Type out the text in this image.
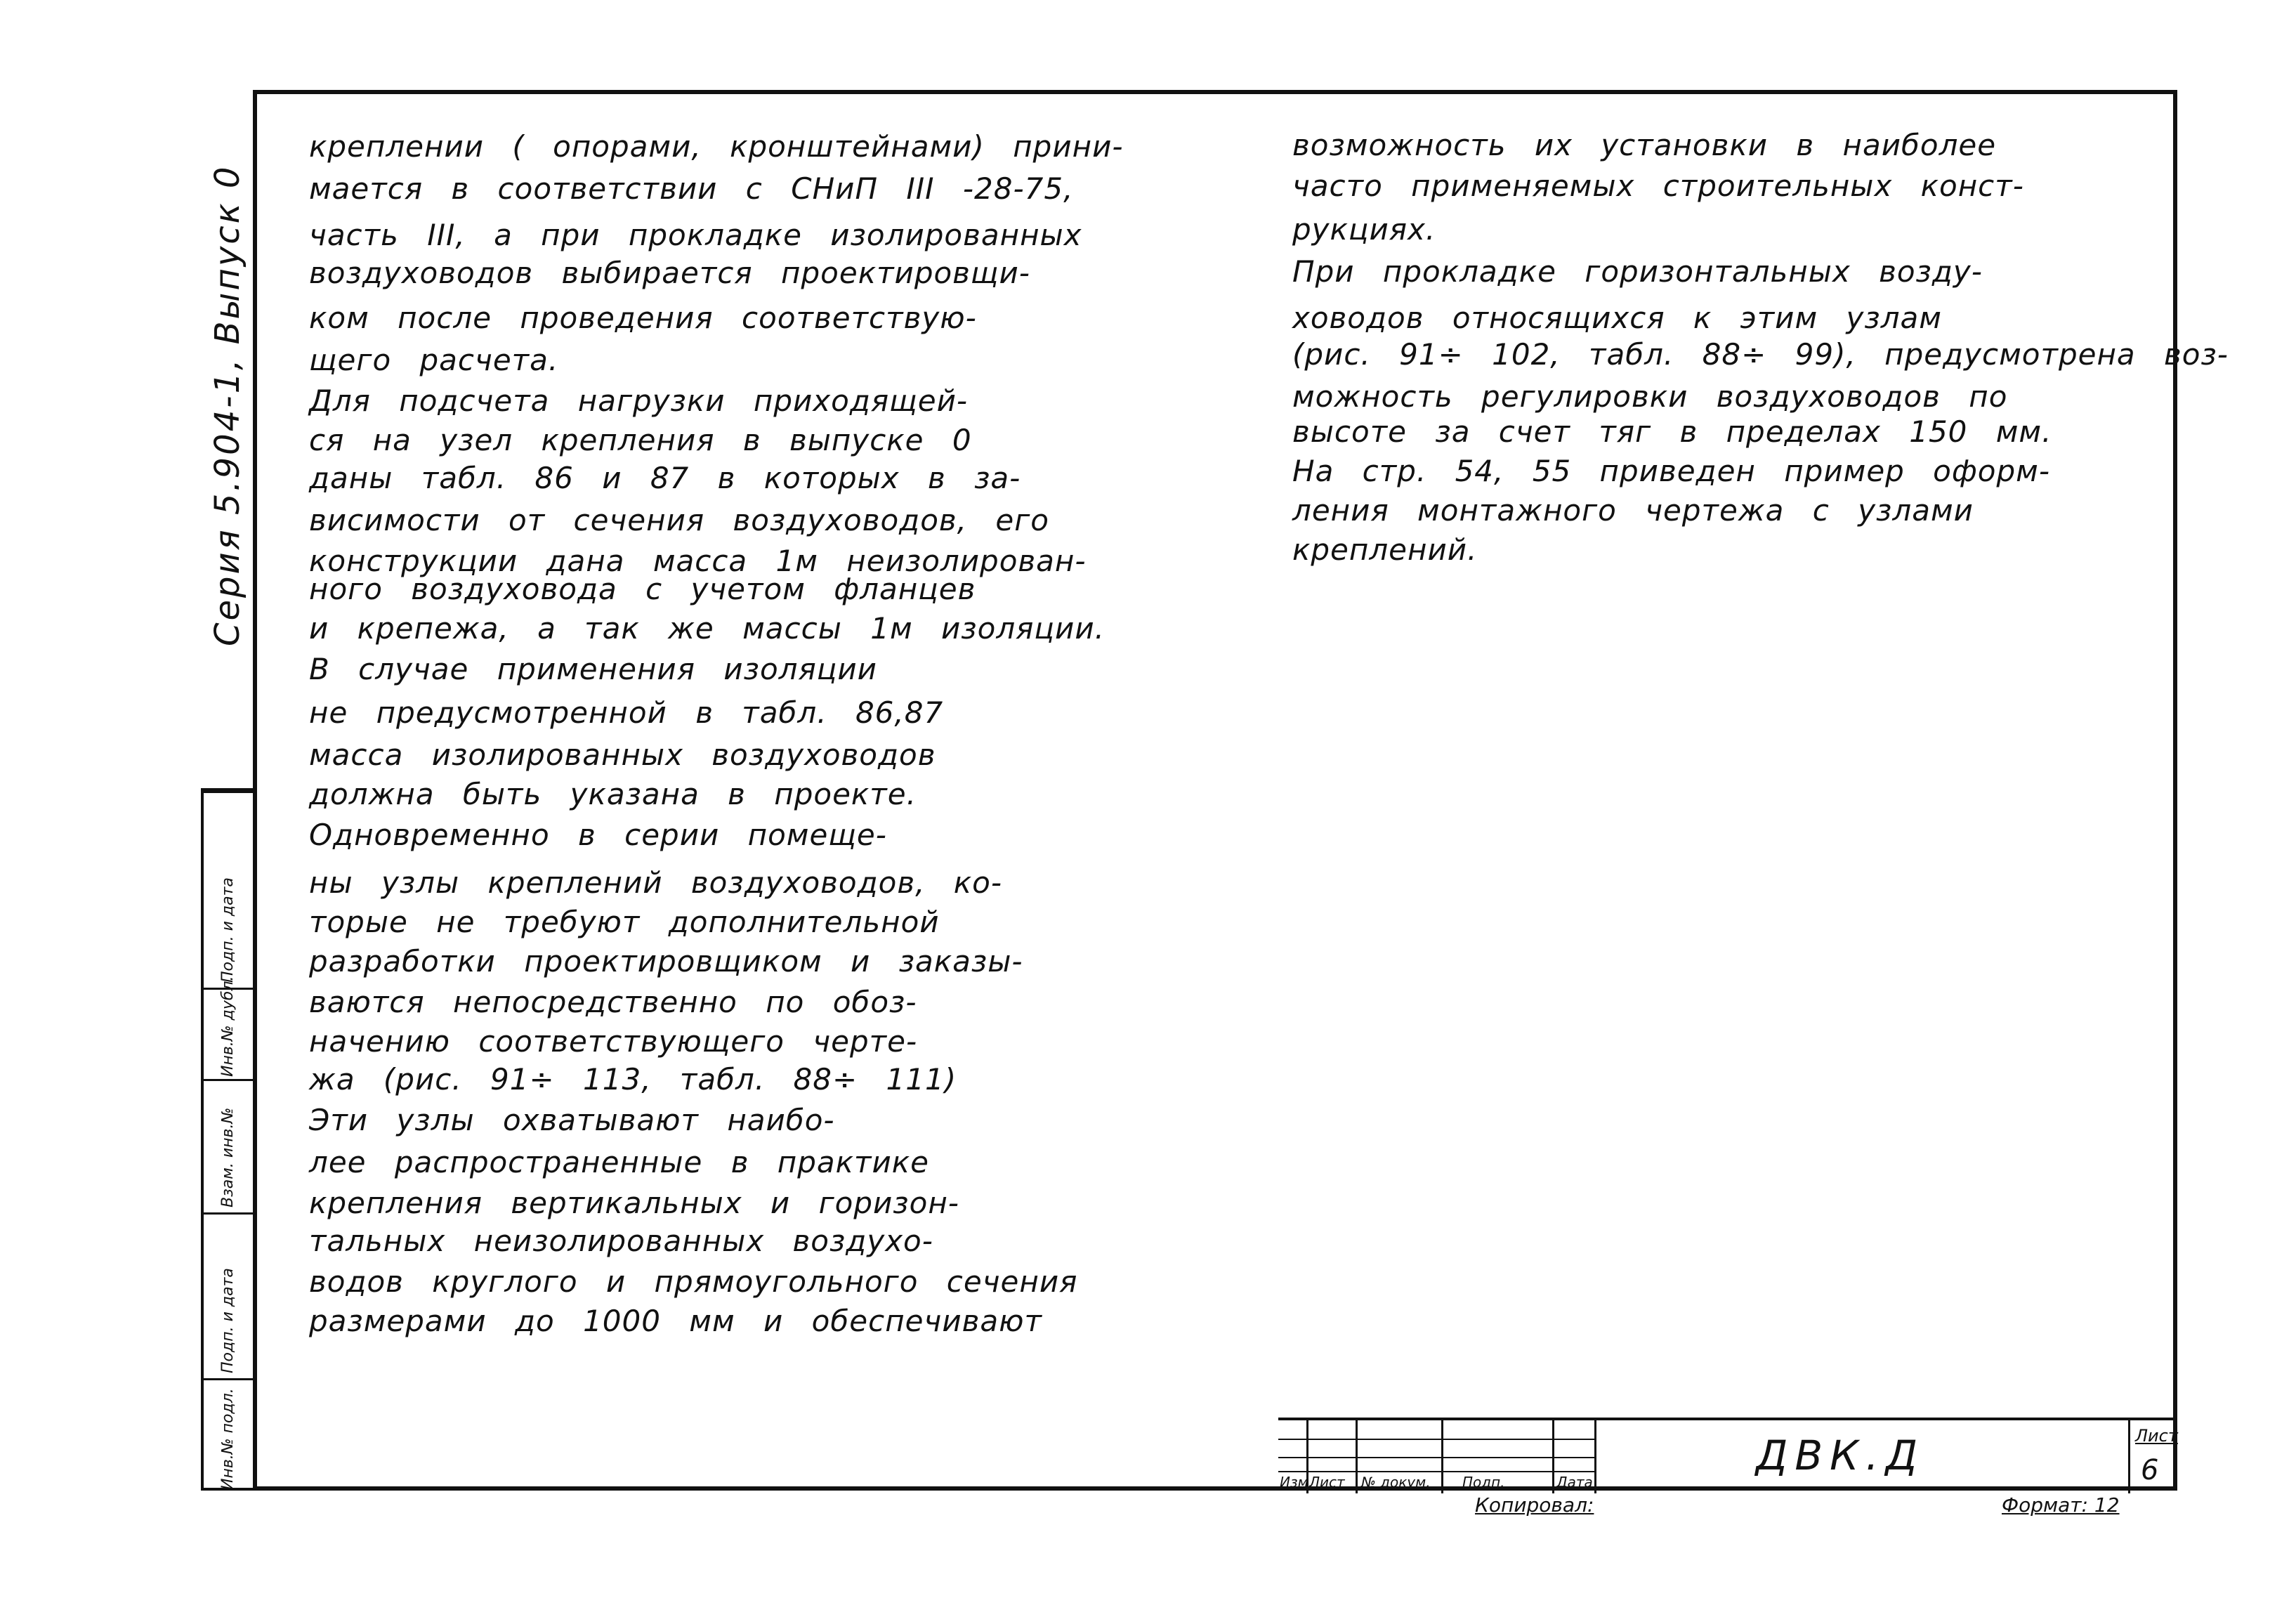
Серия 5.904-1, Выпуск 0
Подп. и дата
Инв.№ дубл.
Взам. инв.№
Подп. и дата
Инв.№ подл.
креплении ( опорами, кронштейнами) прини-
мается в соответствии с СНиП III -28-75,
часть III, а при прокладке изолированных
воздуховодов выбирается проектировщи-
ком после проведения соответствую-
щего расчета.
Для подсчета нагрузки приходящей-
ся на узел крепления в выпуске 0
даны табл. 86 и 87 в которых в за-
висимости от сечения воздуховодов, его
конструкции дана масса 1м неизолирован-
ного воздуховода с учетом фланцев
и крепежа, а так же массы 1м изоляции.
В случае применения изоляции
не предусмотренной в табл. 86,87
масса изолированных воздуховодов
должна быть указана в проекте.
Одновременно в серии помеще-
ны узлы креплений воздуховодов, ко-
торые не требуют дополнительной
разработки проектировщиком и заказы-
ваются непосредственно по обоз-
начению соответствующего черте-
жа (рис. 91÷ 113, табл. 88÷ 111)
Эти узлы охватывают наибо-
лее распространенные в практике
крепления вертикальных и горизон-
тальных неизолированных воздухо-
водов круглого и прямоугольного сечения
размерами до 1000 мм и обеспечивают
возможность их установки в наиболее
часто применяемых строительных конст-
рукциях.
При прокладке горизонтальных возду-
ховодов относящихся к этим узлам
(рис. 91÷ 102, табл. 88÷ 99), предусмотрена воз-
можность регулировки воздуховодов по
высоте за счет тяг в пределах 150 мм.
На стр. 54, 55 приведен пример оформ-
ления монтажного чертежа с узлами
креплений.
Изм.
Лист № докум. Подп.	Дата
ДВК.Д	Лист
6
Копировал:	Формат: 12
